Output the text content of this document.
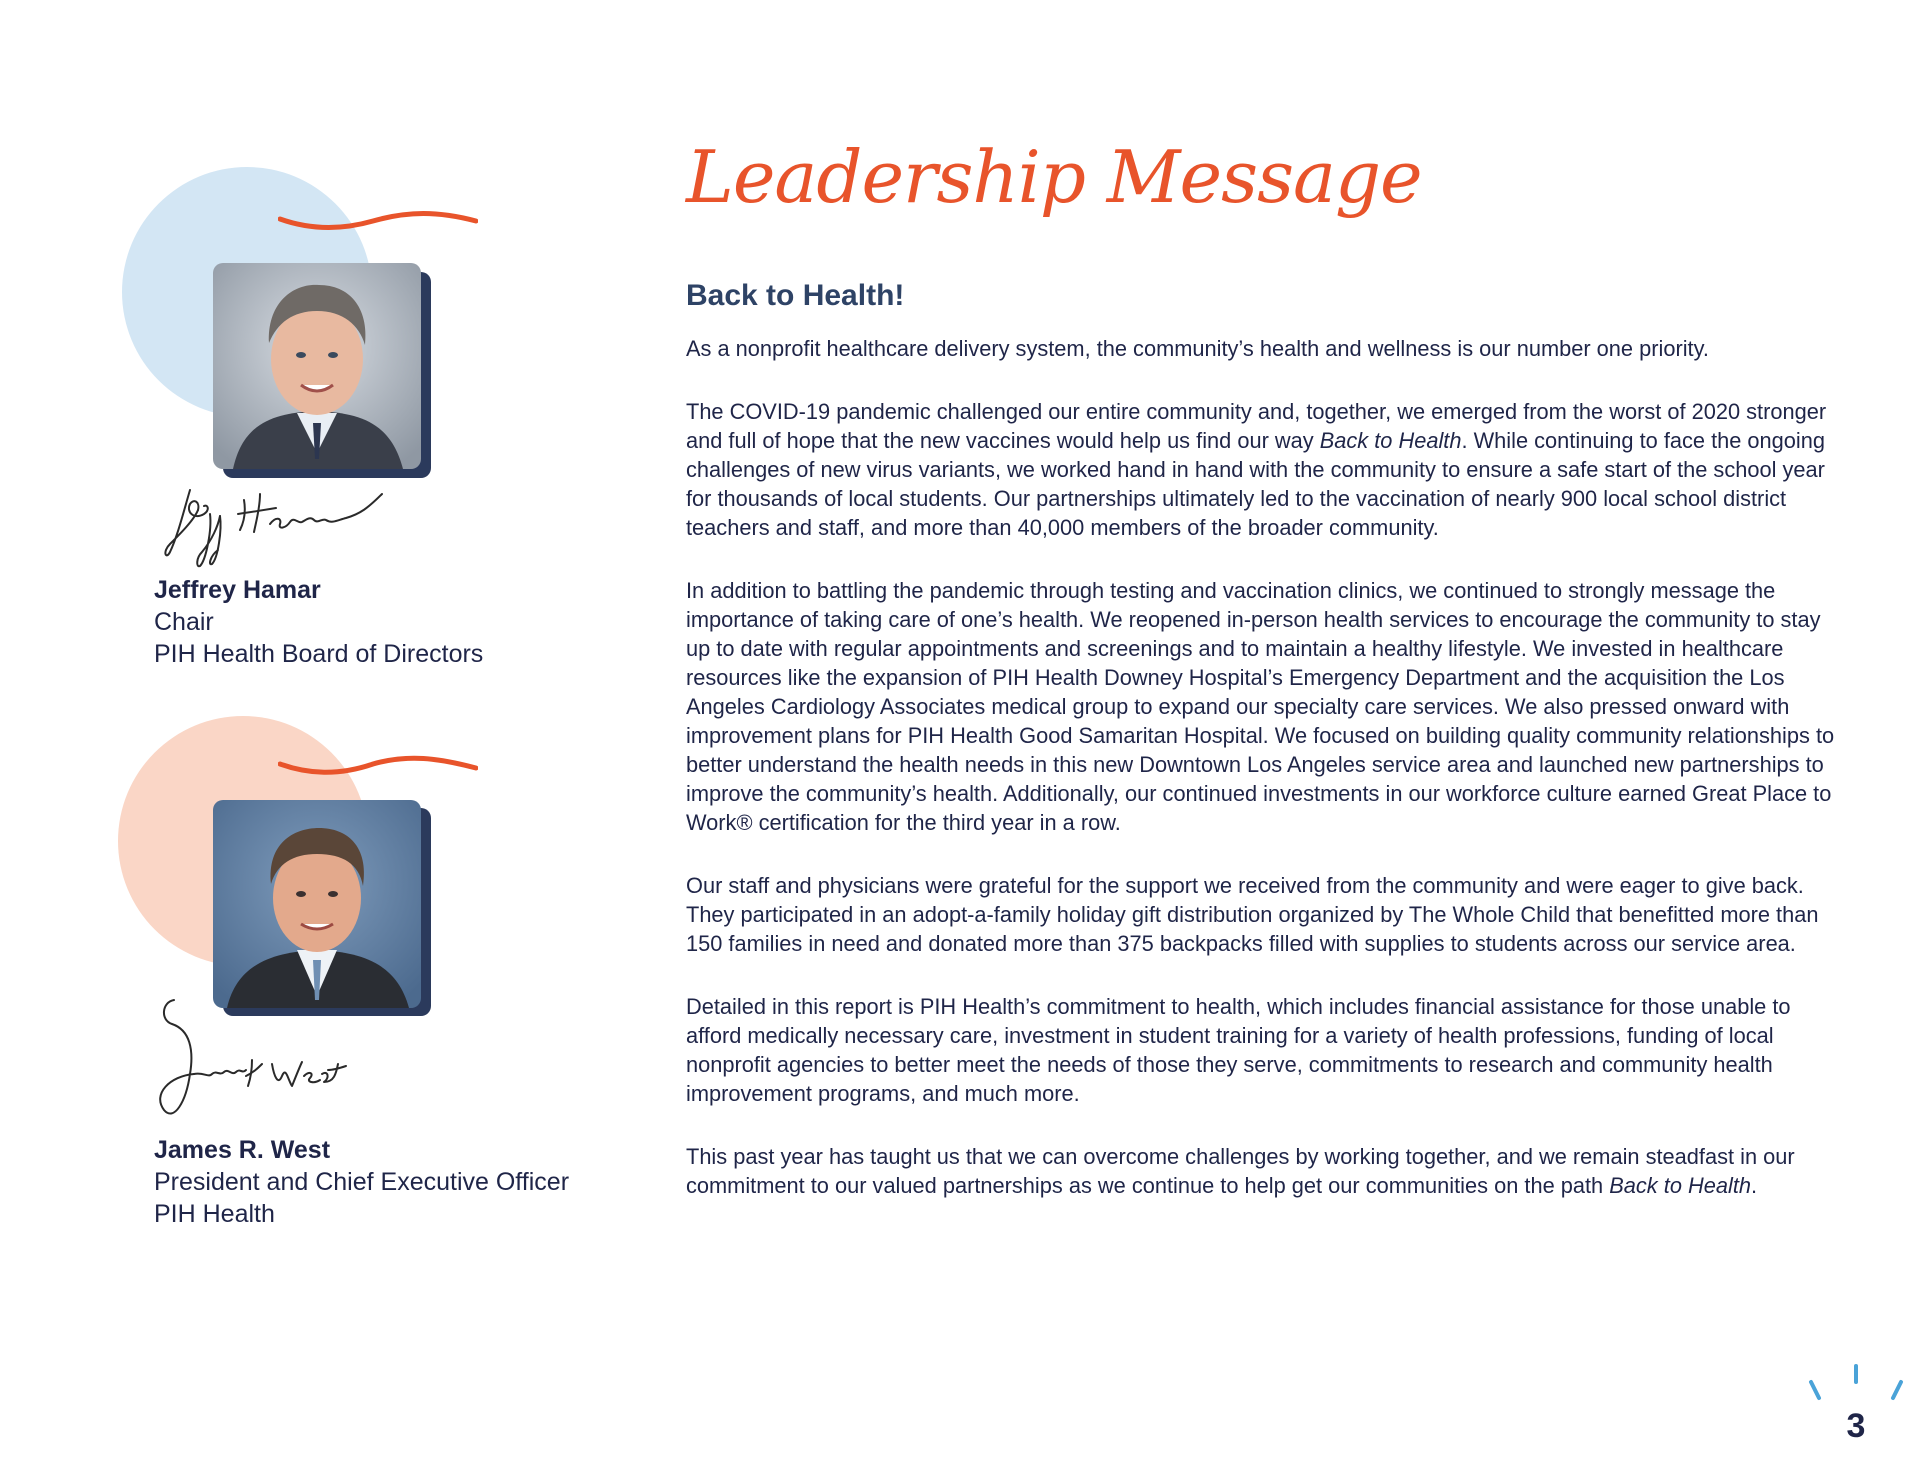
Jeffrey Hamar
Chair
PIH Health Board of Directors
James R. West
President and Chief Executive Officer
PIH Health
Leadership Message
Back to Health!

As a nonprofit healthcare delivery system, the community’s health and wellness is our number one priority.

The COVID-19 pandemic challenged our entire community and, together, we emerged from the worst of 2020 stronger and full of hope that the new vaccines would help us find our way Back to Health. While continuing to face the ongoing challenges of new virus variants, we worked hand in hand with the community to ensure a safe start of the school year for thousands of local students. Our partnerships ultimately led to the vaccination of nearly 900 local school district teachers and staff, and more than 40,000 members of the broader community.

In addition to battling the pandemic through testing and vaccination clinics, we continued to strongly message the importance of taking care of one’s health. We reopened in-person health services to encourage the community to stay up to date with regular appointments and screenings and to maintain a healthy lifestyle. We invested in healthcare resources like the expansion of PIH Health Downey Hospital’s Emergency Department and the acquisition the Los Angeles Cardiology Associates medical group to expand our specialty care services. We also pressed onward with improvement plans for PIH Health Good Samaritan Hospital. We focused on building quality community relationships to better understand the health needs in this new Downtown Los Angeles service area and launched new partnerships to improve the community’s health. Additionally, our continued investments in our workforce culture earned Great Place to Work® certification for the third year in a row.

Our staff and physicians were grateful for the support we received from the community and were eager to give back. They participated in an adopt-a-family holiday gift distribution organized by The Whole Child that benefitted more than 150 families in need and donated more than 375 backpacks filled with supplies to students across our service area.

Detailed in this report is PIH Health’s commitment to health, which includes financial assistance for those unable to afford medically necessary care, investment in student training for a variety of health professions, funding of local nonprofit agencies to better meet the needs of those they serve, commitments to research and community health improvement programs, and much more.

This past year has taught us that we can overcome challenges by working together, and we remain steadfast in our commitment to our valued partnerships as we continue to help get our communities on the path Back to Health.

3
